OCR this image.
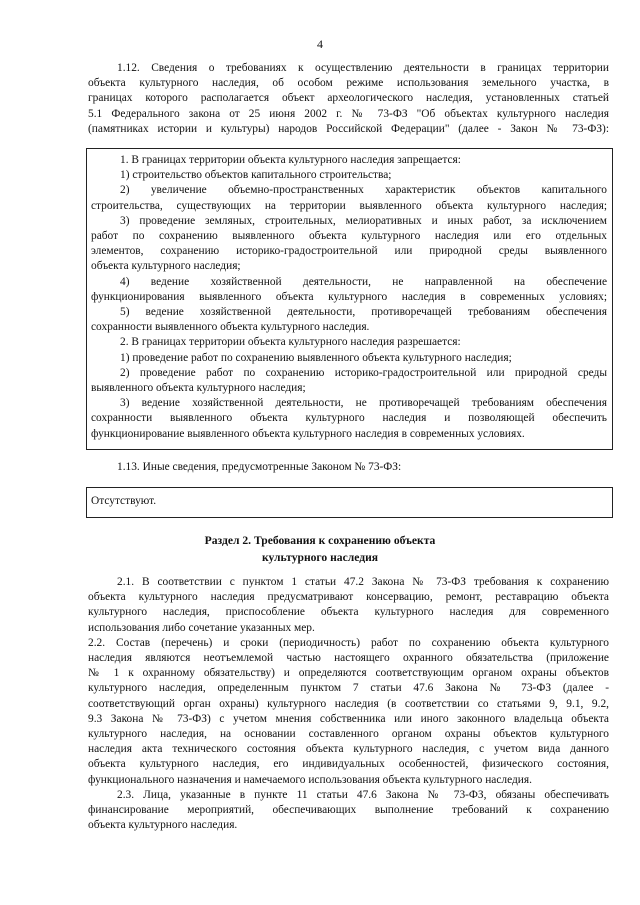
4
1.12. Сведения о требованиях к осуществлению деятельности в границах территории
объекта культурного наследия, об особом режиме использования земельного участка, в
границах которого располагается объект археологического наследия, установленных статьей
5.1 Федерального закона от 25 июня 2002 г. № 73-ФЗ "Об объектах культурного наследия
(памятниках истории и культуры) народов Российской Федерации" (далее - Закон № 73-ФЗ):
1. В границах территории объекта культурного наследия запрещается:
1) строительство объектов капитального строительства;
2) увеличение объемно-пространственных характеристик объектов капитального
строительства, существующих на территории выявленного объекта культурного наследия;
3) проведение земляных, строительных, мелиоративных и иных работ, за исключением
работ по сохранению выявленного объекта культурного наследия или его отдельных
элементов, сохранению историко-градостроительной или природной среды выявленного
объекта культурного наследия;
4) ведение хозяйственной деятельности, не направленной на обеспечение
функционирования выявленного объекта культурного наследия в современных условиях;
5) ведение хозяйственной деятельности, противоречащей требованиям обеспечения
сохранности выявленного объекта культурного наследия.
2. В границах территории объекта культурного наследия разрешается:
1) проведение работ по сохранению выявленного объекта культурного наследия;
2) проведение работ по сохранению историко-градостроительной или природной среды
выявленного объекта культурного наследия;
3) ведение хозяйственной деятельности, не противоречащей требованиям обеспечения
сохранности выявленного объекта культурного наследия и позволяющей обеспечить
функционирование выявленного объекта культурного наследия в современных условиях.
1.13. Иные сведения, предусмотренные Законом № 73-ФЗ:
Отсутствуют.
Раздел 2. Требования к сохранению объекта
культурного наследия
2.1. В соответствии с пунктом 1 статьи 47.2 Закона № 73-ФЗ требования к сохранению
объекта культурного наследия предусматривают консервацию, ремонт, реставрацию объекта
культурного наследия, приспособление объекта культурного наследия для современного
использования либо сочетание указанных мер.
2.2. Состав (перечень) и сроки (периодичность) работ по сохранению объекта культурного
наследия являются неотъемлемой частью настоящего охранного обязательства (приложение
№ 1 к охранному обязательству) и определяются соответствующим органом охраны объектов
культурного наследия, определенным пунктом 7 статьи 47.6 Закона № 73-ФЗ (далее -
соответствующий орган охраны) культурного наследия (в соответствии со статьями 9, 9.1, 9.2,
9.3 Закона № 73-ФЗ) с учетом мнения собственника или иного законного владельца объекта
культурного наследия, на основании составленного органом охраны объектов культурного
наследия акта технического состояния объекта культурного наследия, с учетом вида данного
объекта культурного наследия, его индивидуальных особенностей, физического состояния,
функционального назначения и намечаемого использования объекта культурного наследия.
2.3. Лица, указанные в пункте 11 статьи 47.6 Закона № 73-ФЗ, обязаны обеспечивать
финансирование мероприятий, обеспечивающих выполнение требований к сохранению
объекта культурного наследия.
